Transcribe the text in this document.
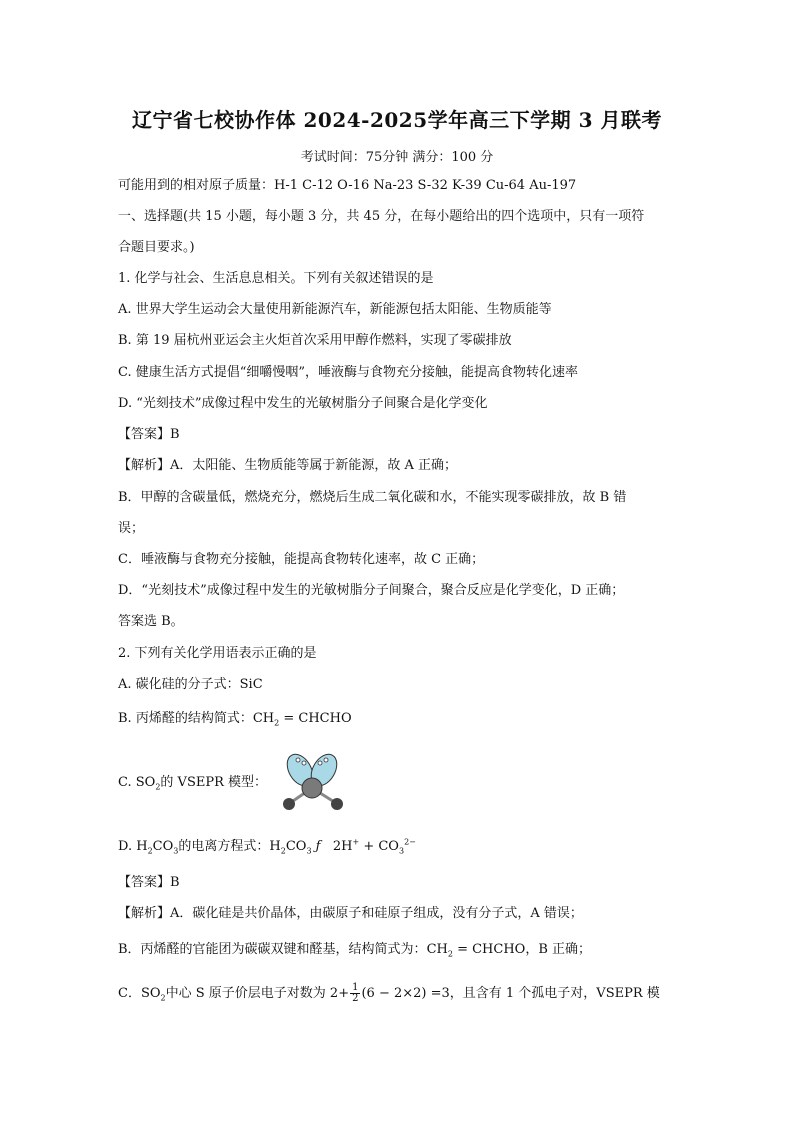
辽宁省七校协作体 2024-2025学年高三下学期 3 月联考
考试时间：75分钟 满分：100 分
可能用到的相对原子质量：H-1 C-12 O-16 Na-23 S-32 K-39 Cu-64 Au-197
一、选择题(共 15 小题，每小题 3 分，共 45 分，在每小题给出的四个选项中，只有一项符
合题目要求。)
1. 化学与社会、生活息息相关。下列有关叙述错误的是
A. 世界大学生运动会大量使用新能源汽车，新能源包括太阳能、生物质能等
B. 第 19 届杭州亚运会主火炬首次采用甲醇作燃料，实现了零碳排放
C. 健康生活方式提倡“细嚼慢咽”，唾液酶与食物充分接触，能提高食物转化速率
D. “光刻技术”成像过程中发生的光敏树脂分子间聚合是化学变化
【答案】B
【解析】A．太阳能、生物质能等属于新能源，故 A 正确；
B．甲醇的含碳量低，燃烧充分，燃烧后生成二氧化碳和水，不能实现零碳排放，故 B 错
误；
C．唾液酶与食物充分接触，能提高食物转化速率，故 C 正确；
D．“光刻技术”成像过程中发生的光敏树脂分子间聚合，聚合反应是化学变化，D 正确；
答案选 B。
2. 下列有关化学用语表示正确的是
A. 碳化硅的分子式：SiC
B. 丙烯醛的结构简式：$CH_2$ = CHCHO
C. $SO_2$的 VSEPR 模型：
D. $H_2CO_3$的电离方程式：$H_2CO_3$ ƒ   $2H^+ + CO_3^{2-}$
【答案】B
【解析】A．碳化硅是共价晶体，由碳原子和硅原子组成，没有分子式，A 错误；
B．丙烯醛的官能团为碳碳双键和醛基，结构简式为：$CH_2$ = CHCHO，B 正确；
C．$SO_2$中心 S 原子价层电子对数为 $2+ \frac{1}{2} (6 - 2\times 2) =3$，且含有 1 个孤电子对，VSEPR 模
